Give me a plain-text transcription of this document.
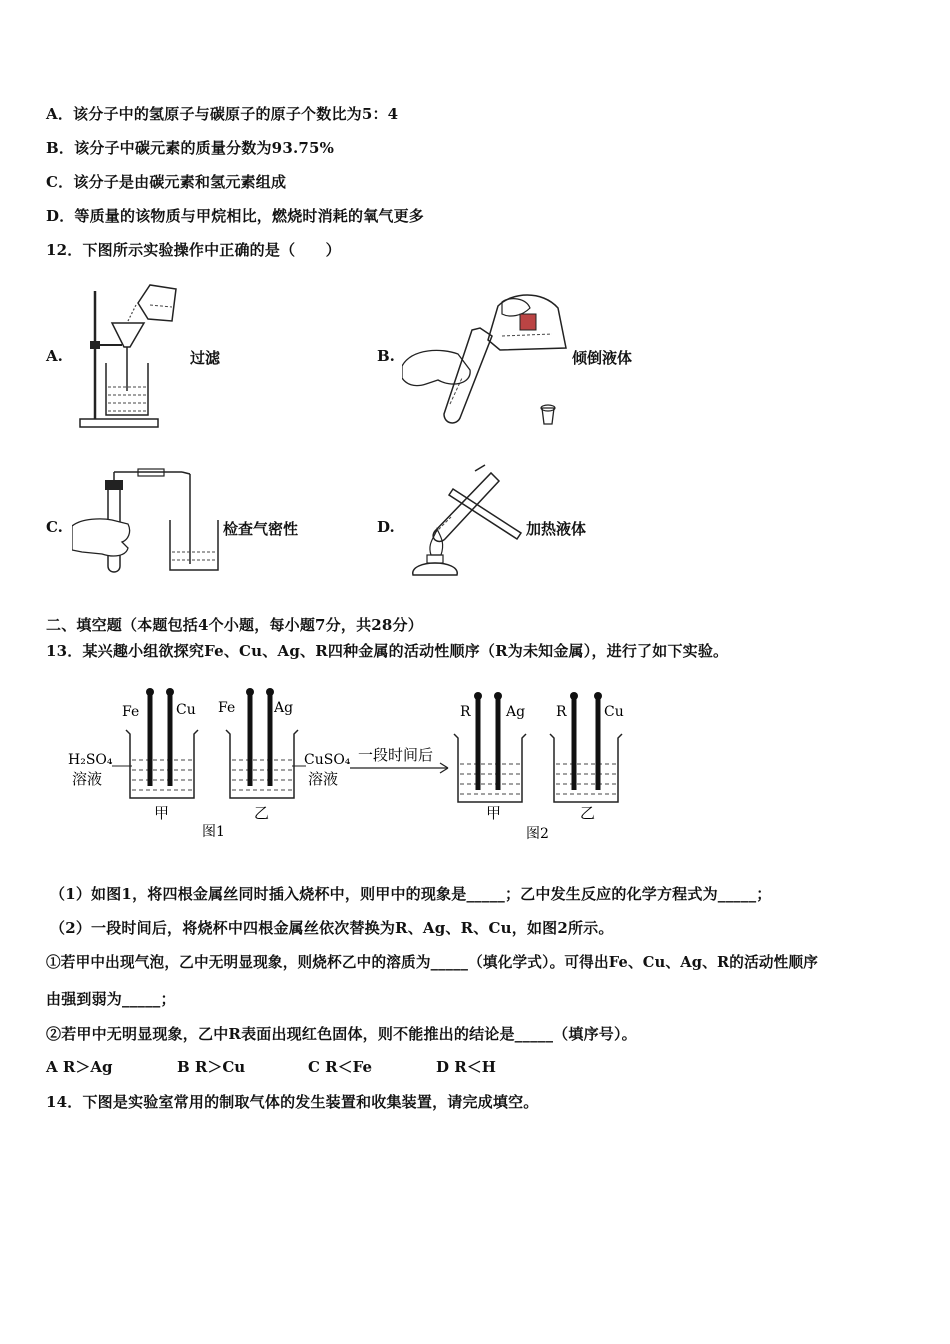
A．该分子中的氢原子与碳原子的原子个数比为5：4
B．该分子中碳元素的质量分数为93.75%
C．该分子是由碳元素和氢元素组成
D．等质量的该物质与甲烷相比，燃烧时消耗的氧气更多
12．下图所示实验操作中正确的是（　　）
A.	过滤	B.	倾倒液体
C.	检查气密性	D.	加热液体
二、填空题（本题包括4个小题，每小题7分，共28分）
13．某兴趣小组欲探究Fe、Cu、Ag、R四种金属的活动性顺序（R为未知金属），进行了如下实验。
Fe	Cu
H₂SO₄
溶液
甲
Fe	Ag
CuSO₄
溶液
乙
图1
一段时间后
R	Ag
甲
R	Cu
乙
图2
（1）如图1，将四根金属丝同时插入烧杯中，则甲中的现象是_____；乙中发生反应的化学方程式为_____；
（2）一段时间后，将烧杯中四根金属丝依次替换为R、Ag、R、Cu，如图2所示。
①若甲中出现气泡，乙中无明显现象，则烧杯乙中的溶质为_____（填化学式）。可得出Fe、Cu、Ag、R的活动性顺序
由强到弱为_____；
②若甲中无明显现象，乙中R表面出现红色固体，则不能推出的结论是_____（填序号）。
A R＞Ag	B R＞Cu	C R＜Fe	D R＜H
14．下图是实验室常用的制取气体的发生装置和收集装置，请完成填空。
